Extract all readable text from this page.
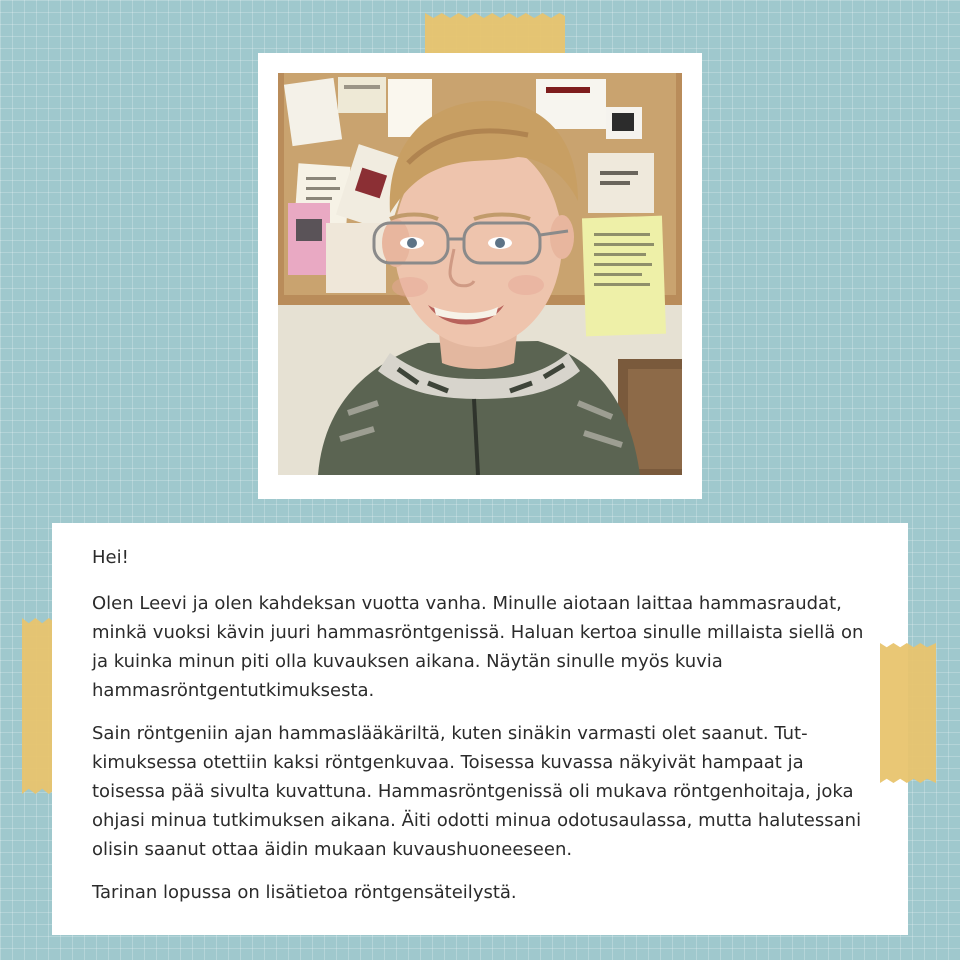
Hei!

Olen Leevi ja olen kahdeksan vuotta vanha. Minulle aiotaan laittaa hammasraudat, minkä vuoksi kävin juuri hammasröntgenissä. Haluan kertoa sinulle millaista siellä on ja kuinka minun piti olla kuvauksen aikana. Näytän sinulle myös kuvia hammasröntgentutkimuksesta.

Sain röntgeniin ajan hammaslääkäriltä, kuten sinäkin varmasti olet saanut. Tutkimuksessa otettiin kaksi röntgenkuvaa. Toisessa kuvassa näkyivät hampaat ja toisessa pää sivulta kuvattuna. Hammasröntgenissä oli mukava röntgenhoitaja, joka ohjasi minua tutkimuksen aikana. Äiti odotti minua odotusaulassa, mutta halutessani olisin saanut ottaa äidin mukaan kuvaushuoneeseen.

Tarinan lopussa on lisätietoa röntgensäteilystä.
